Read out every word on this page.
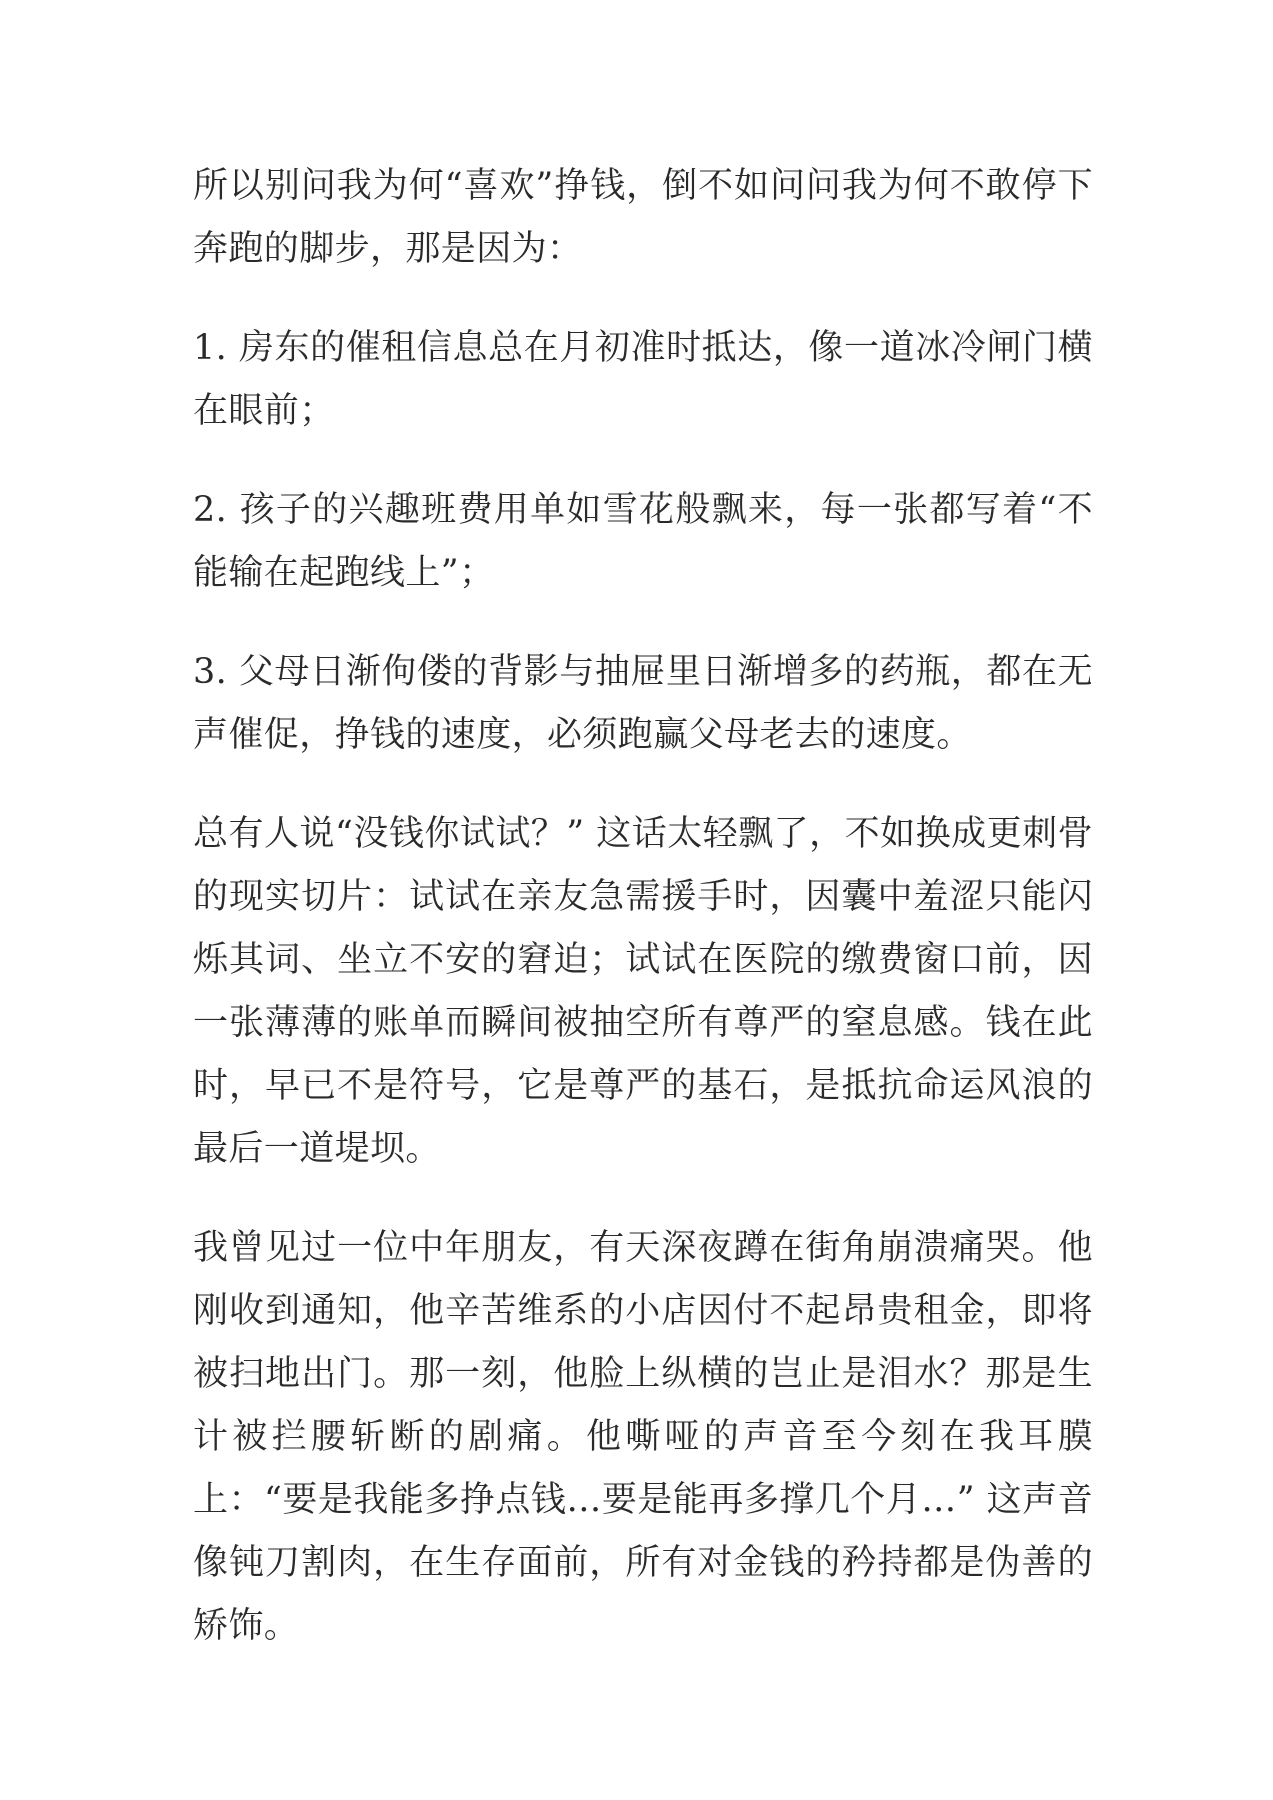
所以别问我为何“喜欢”挣钱，倒不如问问我为何不敢停下奔跑的脚步，那是因为：

1. 房东的催租信息总在月初准时抵达，像一道冰冷闸门横在眼前；

2. 孩子的兴趣班费用单如雪花般飘来，每一张都写着“不能输在起跑线上”；

3. 父母日渐佝偻的背影与抽屉里日渐增多的药瓶，都在无声催促，挣钱的速度，必须跑赢父母老去的速度。

总有人说“没钱你试试？” 这话太轻飘了，不如换成更刺骨的现实切片：试试在亲友急需援手时，因囊中羞涩只能闪烁其词、坐立不安的窘迫；试试在医院的缴费窗口前，因一张薄薄的账单而瞬间被抽空所有尊严的窒息感。钱在此时，早已不是符号，它是尊严的基石，是抵抗命运风浪的最后一道堤坝。

我曾见过一位中年朋友，有天深夜蹲在街角崩溃痛哭。他刚收到通知，他辛苦维系的小店因付不起昂贵租金，即将被扫地出门。那一刻，他脸上纵横的岂止是泪水？那是生计被拦腰斩断的剧痛。他嘶哑的声音至今刻在我耳膜上：“要是我能多挣点钱…要是能再多撑几个月…” 这声音像钝刀割肉，在生存面前，所有对金钱的矜持都是伪善的矫饰。
